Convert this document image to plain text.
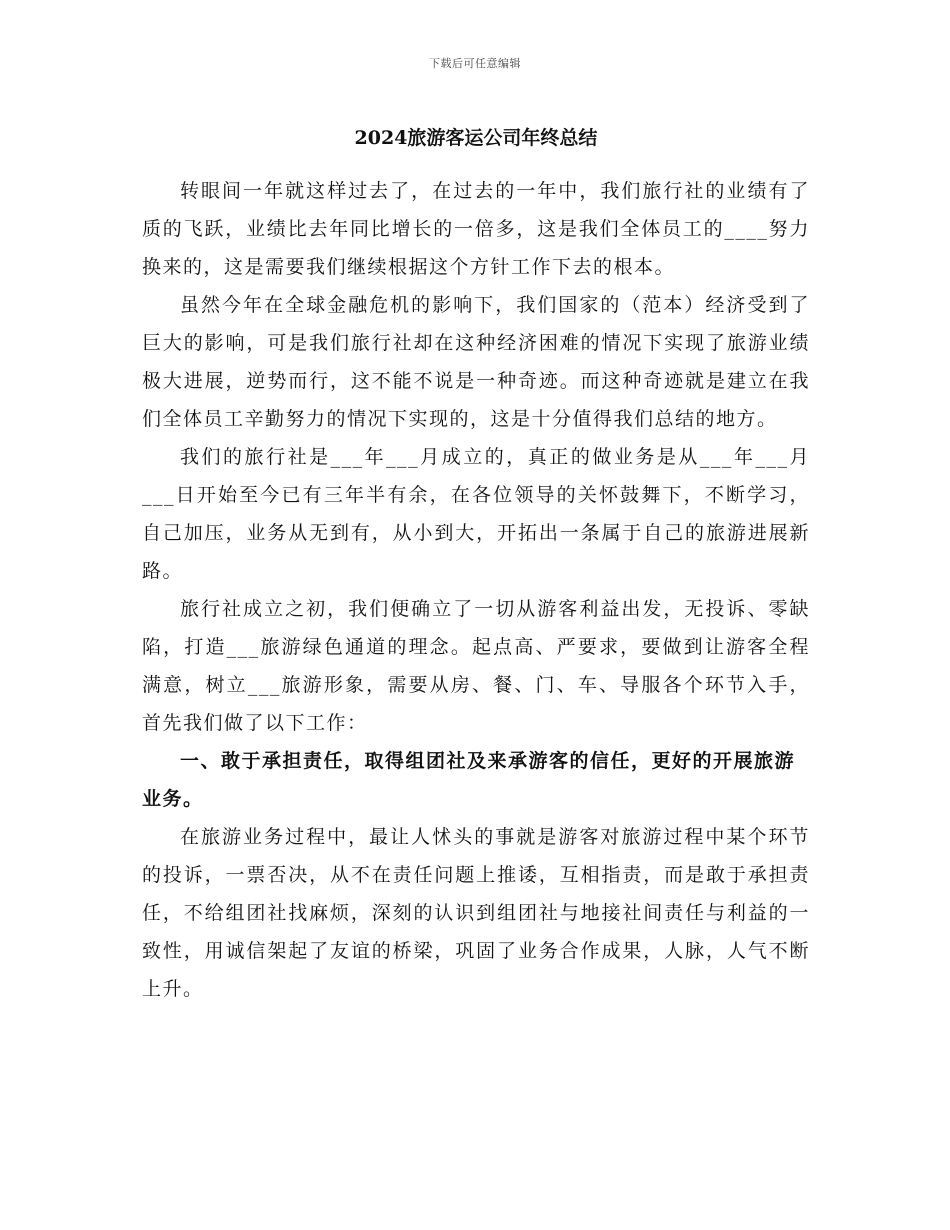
下载后可任意编辑
2024旅游客运公司年终总结

转眼间一年就这样过去了，在过去的一年中，我们旅行社的业绩有了质的飞跃，业绩比去年同比增长的一倍多，这是我们全体员工的____努力换来的，这是需要我们继续根据这个方针工作下去的根本。

虽然今年在全球金融危机的影响下，我们国家的（范本）经济受到了巨大的影响，可是我们旅行社却在这种经济困难的情况下实现了旅游业绩极大进展，逆势而行，这不能不说是一种奇迹。而这种奇迹就是建立在我们全体员工辛勤努力的情况下实现的，这是十分值得我们总结的地方。

我们的旅行社是___年___月成立的，真正的做业务是从___年___月___日开始至今已有三年半有余，在各位领导的关怀鼓舞下，不断学习，自己加压，业务从无到有，从小到大，开拓出一条属于自己的旅游进展新路。

旅行社成立之初，我们便确立了一切从游客利益出发，无投诉、零缺陷，打造___旅游绿色通道的理念。起点高、严要求，要做到让游客全程满意，树立___旅游形象，需要从房、餐、门、车、导服各个环节入手，首先我们做了以下工作：

一、敢于承担责任，取得组团社及来承游客的信任，更好的开展旅游业务。

在旅游业务过程中，最让人怵头的事就是游客对旅游过程中某个环节的投诉，一票否决，从不在责任问题上推诿，互相指责，而是敢于承担责任，不给组团社找麻烦，深刻的认识到组团社与地接社间责任与利益的一致性，用诚信架起了友谊的桥梁，巩固了业务合作成果，人脉，人气不断上升。
